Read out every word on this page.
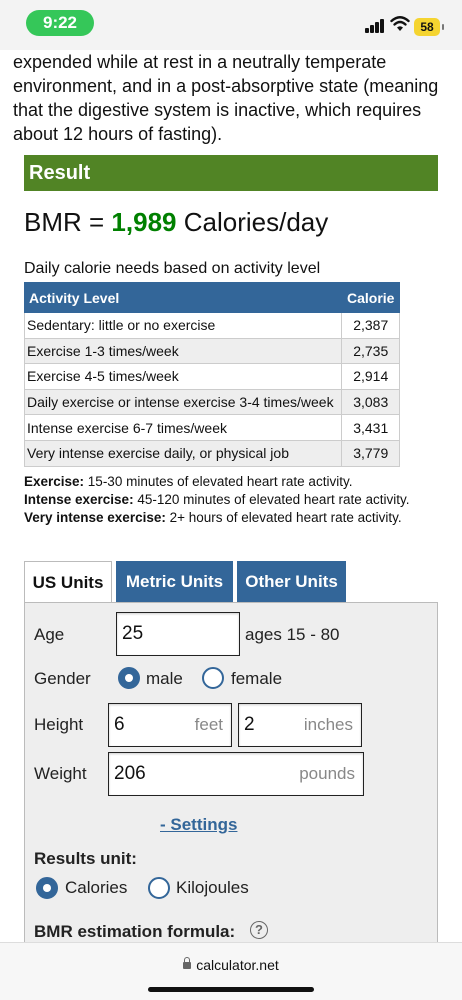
9:22	58
expended while at rest in a neutrally temperate environment, and in a post-absorptive state (meaning that the digestive system is inactive, which requires about 12 hours of fasting).
Result
BMR = 1,989 Calories/day
Daily calorie needs based on activity level
Activity Level	Calorie
Sedentary: little or no exercise	2,387
Exercise 1-3 times/week	2,735
Exercise 4-5 times/week	2,914
Daily exercise or intense exercise 3-4 times/week	3,083
Intense exercise 6-7 times/week	3,431
Very intense exercise daily, or physical job	3,779
Exercise: 15-30 minutes of elevated heart rate activity.
Intense exercise: 45-120 minutes of elevated heart rate activity.
Very intense exercise: 2+ hours of elevated heart rate activity.
US Units	Metric Units	Other Units
Age	25	ages 15 - 80
Gender	male	female
Height	6	feet	2	inches
Weight	206	pounds
- Settings
Results unit:
Calories	Kilojoules
BMR estimation formula:	?
calculator.net
